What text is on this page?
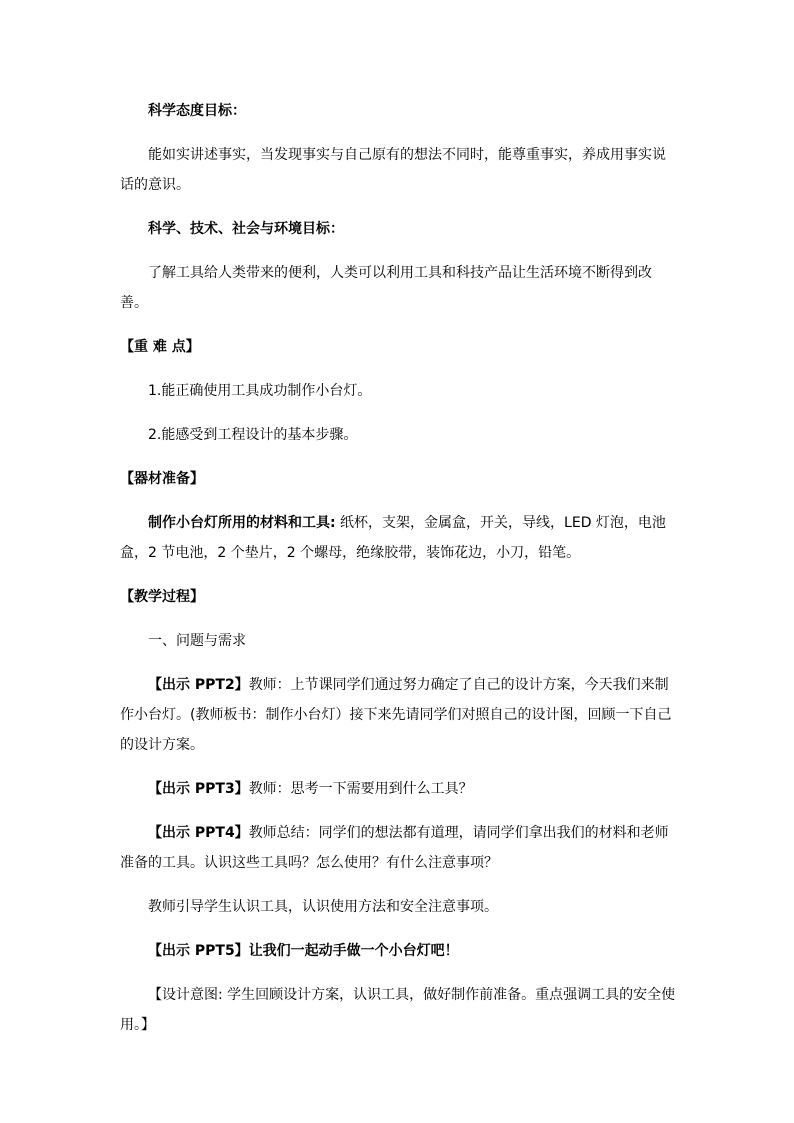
科学态度目标：

能如实讲述事实，当发现事实与自己原有的想法不同时，能尊重事实，养成用事实说话的意识。

科学、技术、社会与环境目标：

了解工具给人类带来的便利，人类可以利用工具和科技产品让生活环境不断得到改善。

【重 难 点】

1.能正确使用工具成功制作小台灯。

2.能感受到工程设计的基本步骤。

【器材准备】

制作小台灯所用的材料和工具: 纸杯，支架，金属盒，开关，导线，LED 灯泡，电池盒，2 节电池，2 个垫片，2 个螺母，绝缘胶带，装饰花边，小刀，铅笔。

【教学过程】

一、问题与需求

【出示 PPT2】教师：上节课同学们通过努力确定了自己的设计方案，今天我们来制作小台灯。(教师板书：制作小台灯）接下来先请同学们对照自己的设计图，回顾一下自己的设计方案。

【出示 PPT3】教师：思考一下需要用到什么工具？

【出示 PPT4】教师总结：同学们的想法都有道理，请同学们拿出我们的材料和老师准备的工具。认识这些工具吗？怎么使用？有什么注意事项？

教师引导学生认识工具，认识使用方法和安全注意事项。

【出示 PPT5】让我们一起动手做一个小台灯吧！

【设计意图: 学生回顾设计方案，认识工具，做好制作前准备。重点强调工具的安全使用。】
